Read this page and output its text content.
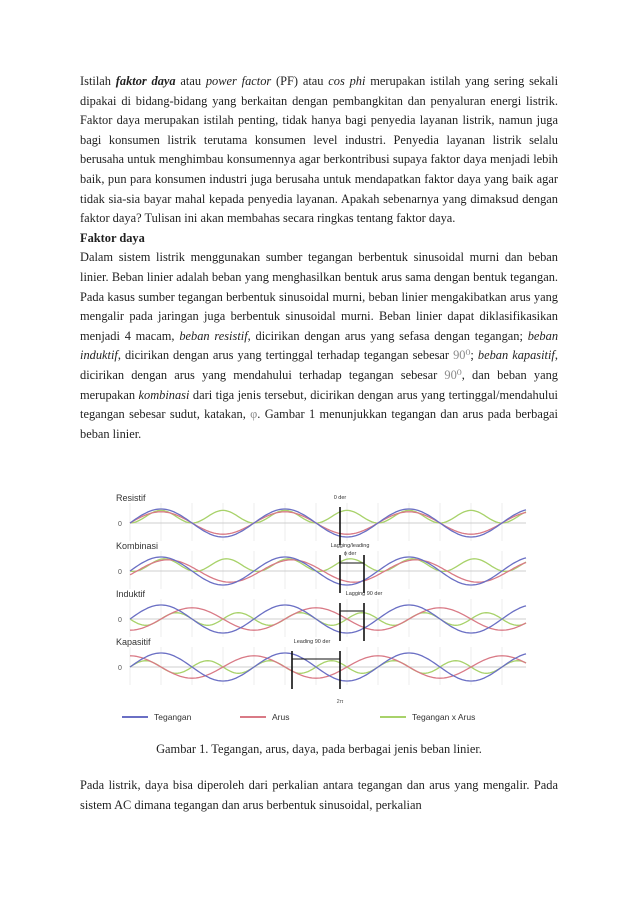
Istilah faktor daya atau power factor (PF) atau cos phi merupakan istilah yang sering sekali dipakai di bidang-bidang yang berkaitan dengan pembangkitan dan penyaluran energi listrik. Faktor daya merupakan istilah penting, tidak hanya bagi penyedia layanan listrik, namun juga bagi konsumen listrik terutama konsumen level industri. Penyedia layanan listrik selalu berusaha untuk menghimbau konsumennya agar berkontribusi supaya faktor daya menjadi lebih baik, pun para konsumen industri juga berusaha untuk mendapatkan faktor daya yang baik agar tidak sia-sia bayar mahal kepada penyedia layanan. Apakah sebenarnya yang dimaksud dengan faktor daya? Tulisan ini akan membahas secara ringkas tentang faktor daya.

Faktor daya

Dalam sistem listrik menggunakan sumber tegangan berbentuk sinusoidal murni dan beban linier. Beban linier adalah beban yang menghasilkan bentuk arus sama dengan bentuk tegangan. Pada kasus sumber tegangan berbentuk sinusoidal murni, beban linier mengakibatkan arus yang mengalir pada jaringan juga berbentuk sinusoidal murni. Beban linier dapat diklasifikasikan menjadi 4 macam, beban resistif, dicirikan dengan arus yang sefasa dengan tegangan; beban induktif, dicirikan dengan arus yang tertinggal terhadap tegangan sebesar 90⁰; beban kapasitif, dicirikan dengan arus yang mendahului terhadap tegangan sebesar 90⁰, dan beban yang merupakan kombinasi dari tiga jenis tersebut, dicirikan dengan arus yang tertinggal/mendahului tegangan sebesar sudut, katakan, φ. Gambar 1 menunjukkan tegangan dan arus pada berbagai beban linier.

0
Resistif	0 der
0
Kombinasi	Lagging/leading
ϕ der
0
Induktif	Lagging 90 der
0
Kapasitif	Leading 90 der
2π
Tegangan	Arus	Tegangan x Arus
Gambar 1. Tegangan, arus, daya, pada berbagai jenis beban linier.

Pada listrik, daya bisa diperoleh dari perkalian antara tegangan dan arus yang mengalir. Pada sistem AC dimana tegangan dan arus berbentuk sinusoidal, perkalian
